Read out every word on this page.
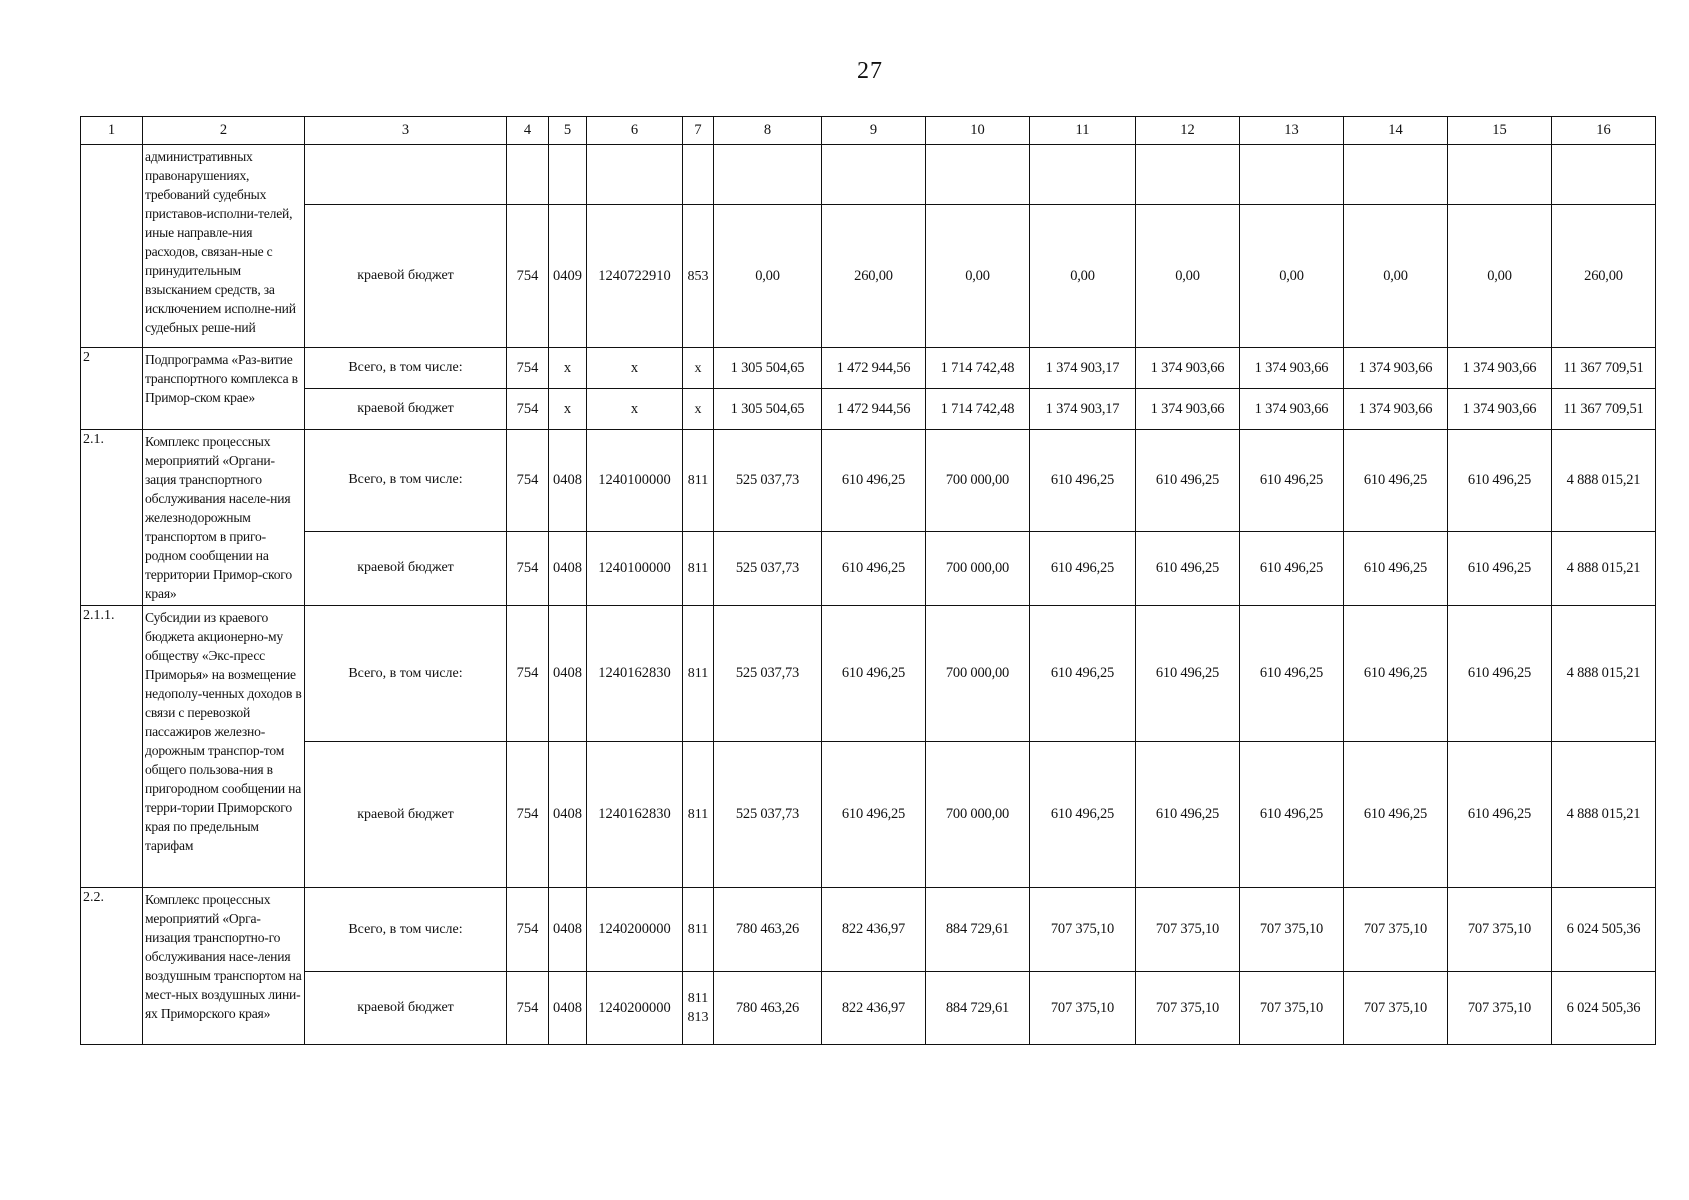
27
1	2	3	4	5	6	7	8	9	10	11	12	13	14	15	16
	административных правонарушениях, требований судебных приставов-исполни-телей, иные направле-ния расходов, связан-ные с принудительным взысканием средств, за исключением исполне-ний судебных реше-ний														
		краевой бюджет	754	0409	1240722910	853	0,00	260,00	0,00	0,00	0,00	0,00	0,00	0,00	260,00
2	Подпрограмма «Раз-витие транспортного комплекса в Примор-ском крае»	Всего, в том числе:	754	х	х	х	1 305 504,65	1 472 944,56	1 714 742,48	1 374 903,17	1 374 903,66	1 374 903,66	1 374 903,66	1 374 903,66	11 367 709,51
		краевой бюджет	754	х	х	х	1 305 504,65	1 472 944,56	1 714 742,48	1 374 903,17	1 374 903,66	1 374 903,66	1 374 903,66	1 374 903,66	11 367 709,51
2.1.	Комплекс процессных мероприятий «Органи-зация транспортного обслуживания населе-ния железнодорожным транспортом в приго-родном сообщении на территории Примор-ского края»	Всего, в том числе:	754	0408	1240100000	811	525 037,73	610 496,25	700 000,00	610 496,25	610 496,25	610 496,25	610 496,25	610 496,25	4 888 015,21
		краевой бюджет	754	0408	1240100000	811	525 037,73	610 496,25	700 000,00	610 496,25	610 496,25	610 496,25	610 496,25	610 496,25	4 888 015,21
2.1.1.	Субсидии из краевого бюджета акционерно-му обществу «Экс-пресс Приморья» на возмещение недополу-ченных доходов в связи с перевозкой пассажиров железно-дорожным транспор-том общего пользова-ния в пригородном сообщении на терри-тории Приморского края по предельным тарифам	Всего, в том числе:	754	0408	1240162830	811	525 037,73	610 496,25	700 000,00	610 496,25	610 496,25	610 496,25	610 496,25	610 496,25	4 888 015,21
		краевой бюджет	754	0408	1240162830	811	525 037,73	610 496,25	700 000,00	610 496,25	610 496,25	610 496,25	610 496,25	610 496,25	4 888 015,21
2.2.	Комплекс процессных мероприятий «Орга-низация транспортно-го обслуживания насе-ления воздушным транспортом на мест-ных воздушных лини-ях Приморского края»	Всего, в том числе:	754	0408	1240200000	811	780 463,26	822 436,97	884 729,61	707 375,10	707 375,10	707 375,10	707 375,10	707 375,10	6 024 505,36
		краевой бюджет	754	0408	1240200000	811 813	780 463,26	822 436,97	884 729,61	707 375,10	707 375,10	707 375,10	707 375,10	707 375,10	6 024 505,36
